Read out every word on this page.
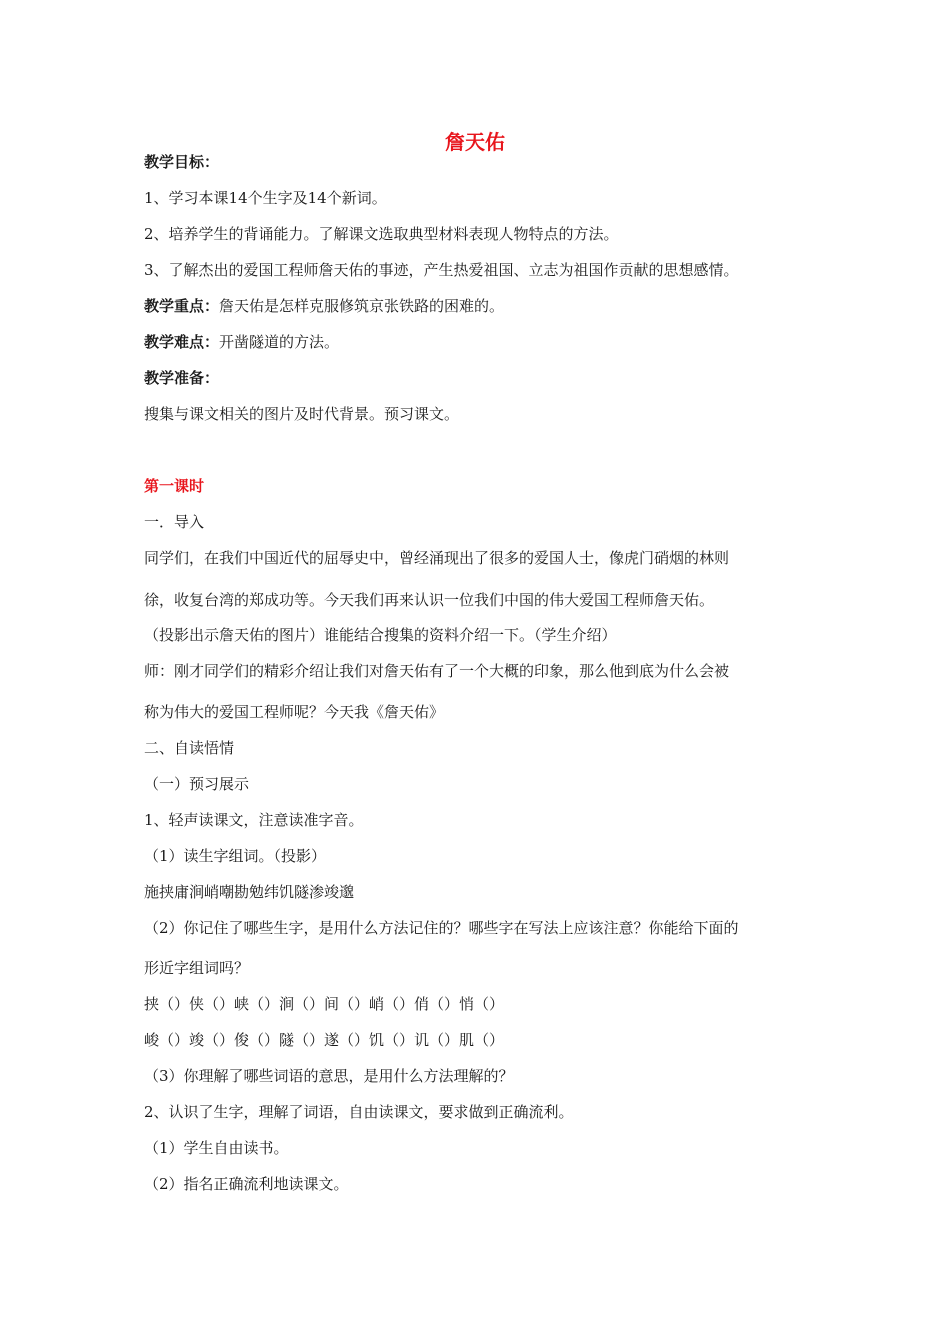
詹天佑
教学目标：
1、学习本课14个生字及14个新词。
2、培养学生的背诵能力。了解课文选取典型材料表现人物特点的方法。
3、了解杰出的爱国工程师詹天佑的事迹，产生热爱祖国、立志为祖国作贡献的思想感情。
教学重点：詹天佑是怎样克服修筑京张铁路的困难的。
教学难点：开凿隧道的方法。
教学准备：
搜集与课文相关的图片及时代背景。预习课文。
第一课时
一．导入
同学们，在我们中国近代的屈辱史中，曾经涌现出了很多的爱国人士，像虎门硝烟的林则
徐，收复台湾的郑成功等。今天我们再来认识一位我们中国的伟大爱国工程师詹天佑。
（投影出示詹天佑的图片）谁能结合搜集的资料介绍一下。（学生介绍）
师：刚才同学们的精彩介绍让我们对詹天佑有了一个大概的印象，那么他到底为什么会被
称为伟大的爱国工程师呢？今天我《詹天佑》
二、自读悟情
（一）预习展示
1、轻声读课文，注意读准字音。
（1）读生字组词。（投影）
施挟庸涧峭嘲勘勉纬饥隧渗竣邈
（2）你记住了哪些生字，是用什么方法记住的？哪些字在写法上应该注意？你能给下面的
形近字组词吗？
挟（）侠（）峡（）涧（）间（）峭（）俏（）悄（）
峻（）竣（）俊（）隧（）遂（）饥（）讥（）肌（）
（3）你理解了哪些词语的意思，是用什么方法理解的？
2、认识了生字，理解了词语，自由读课文，要求做到正确流利。
（1）学生自由读书。
（2）指名正确流利地读课文。
